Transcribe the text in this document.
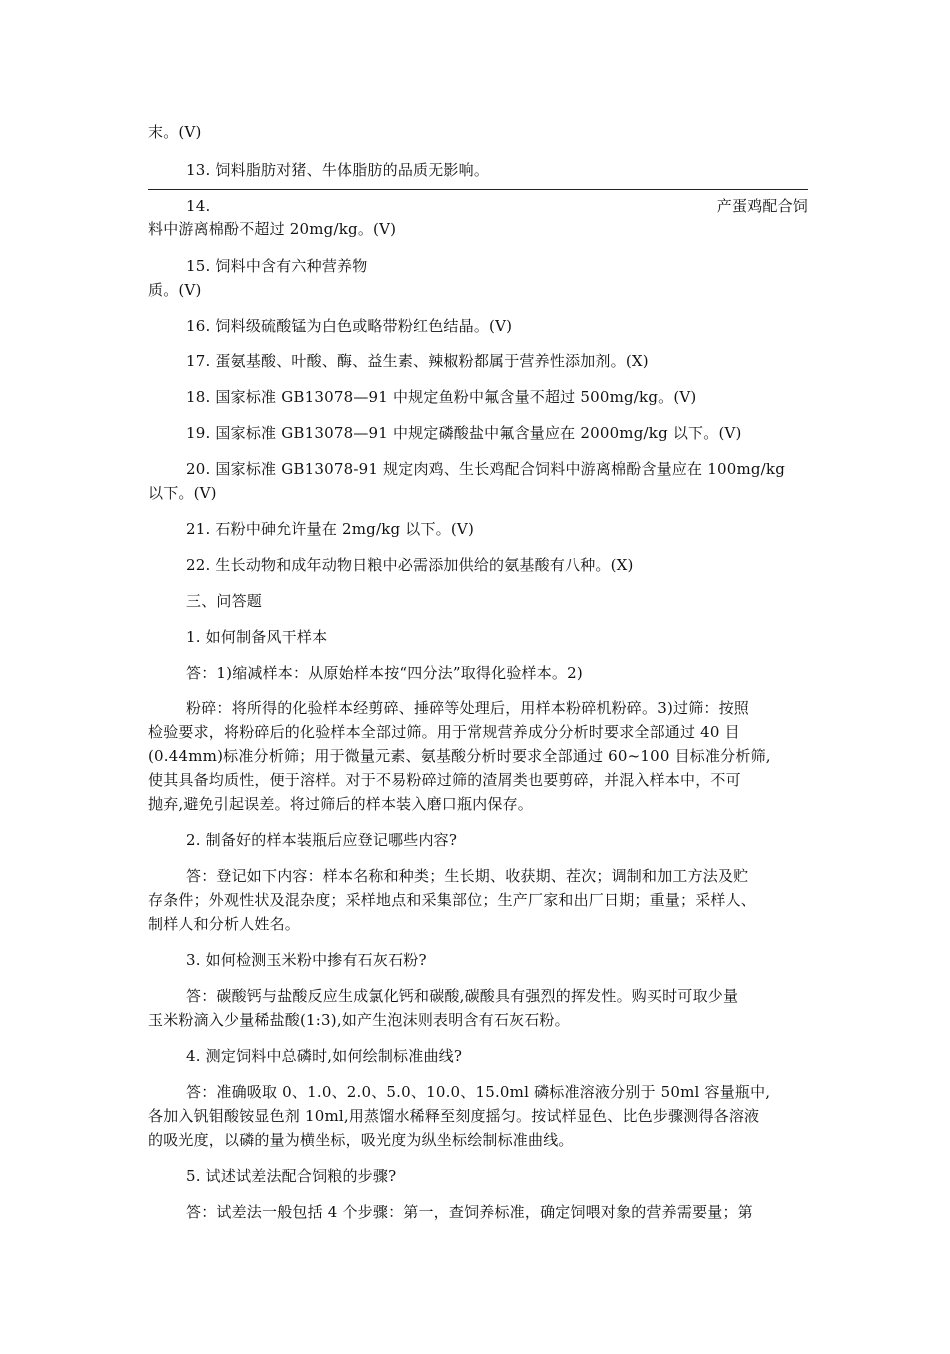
末。(V)
13. 饲料脂肪对猪、牛体脂肪的品质无影响。
14.	产蛋鸡配合饲
料中游离棉酚不超过 20mg/kg。(V)
15. 饲料中含有六种营养物
质。(V)
16. 饲料级硫酸锰为白色或略带粉红色结晶。(V)
17. 蛋氨基酸、叶酸、酶、益生素、辣椒粉都属于营养性添加剂。(X)
18. 国家标准 GB13078—91 中规定鱼粉中氟含量不超过 500mg/kg。(V)
19. 国家标准 GB13078—91 中规定磷酸盐中氟含量应在 2000mg/kg 以下。(V)
20. 国家标准 GB13078-91 规定肉鸡、生长鸡配合饲料中游离棉酚含量应在 100mg/kg
以下。(V)
21. 石粉中砷允许量在 2mg/kg 以下。(V)
22. 生长动物和成年动物日粮中必需添加供给的氨基酸有八种。(X)
三、问答题
1. 如何制备风干样本
答：1)缩减样本：从原始样本按“四分法”取得化验样本。2)
粉碎：将所得的化验样本经剪碎、捶碎等处理后，用样本粉碎机粉碎。3)过筛：按照
检验要求，将粉碎后的化验样本全部过筛。用于常规营养成分分析时要求全部通过 40 目
(0.44mm)标准分析筛；用于微量元素、氨基酸分析时要求全部通过 60~100 目标准分析筛,
使其具备均质性，便于溶样。对于不易粉碎过筛的渣屑类也要剪碎，并混入样本中，不可
抛弃,避免引起误差。将过筛后的样本装入磨口瓶内保存。
2. 制备好的样本装瓶后应登记哪些内容?
答：登记如下内容：样本名称和种类；生长期、收获期、茬次；调制和加工方法及贮
存条件；外观性状及混杂度；采样地点和采集部位；生产厂家和出厂日期；重量；采样人、
制样人和分析人姓名。
3. 如何检测玉米粉中掺有石灰石粉?
答：碳酸钙与盐酸反应生成氯化钙和碳酸,碳酸具有强烈的挥发性。购买时可取少量
玉米粉滴入少量稀盐酸(1:3),如产生泡沫则表明含有石灰石粉。
4. 测定饲料中总磷时,如何绘制标准曲线?
答：准确吸取 0、1.0、2.0、5.0、10.0、15.0ml 磷标准溶液分别于 50ml 容量瓶中,
各加入钒钼酸铵显色剂 10ml,用蒸馏水稀释至刻度摇匀。按试样显色、比色步骤测得各溶液
的吸光度，以磷的量为横坐标，吸光度为纵坐标绘制标准曲线。
5. 试述试差法配合饲粮的步骤?
答：试差法一般包括 4 个步骤：第一，查饲养标准，确定饲喂对象的营养需要量；第
